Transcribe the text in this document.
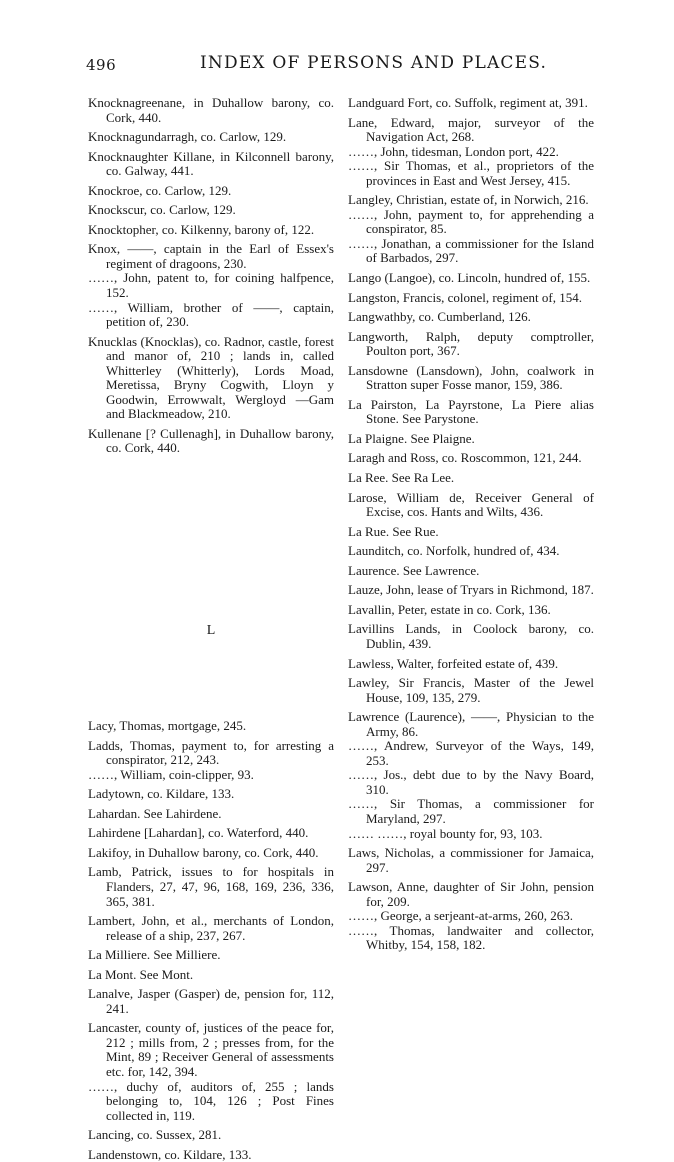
496	INDEX OF PERSONS AND PLACES.

Knocknagreenane, in Duhallow barony, co. Cork, 440.

Knocknagundarragh, co. Carlow, 129.

Knocknaughter Killane, in Kilconnell barony, co. Galway, 441.

Knockroe, co. Carlow, 129.

Knockscur, co. Carlow, 129.

Knocktopher, co. Kilkenny, barony of, 122.

Knox, ——, captain in the Earl of Essex's regiment of dragoons, 230.

……, John, patent to, for coining halfpence, 152.

……, William, brother of ——, captain, petition of, 230.

Knucklas (Knocklas), co. Radnor, castle, forest and manor of, 210 ; lands in, called Whitterley (Whitterly), Lords Moad, Meretissa, Bryny Cogwith, Lloyn y Goodwin, Errowwalt, Wergloyd —Gam and Blackmeadow, 210.

Kullenane [? Cullenagh], in Duhallow barony, co. Cork, 440.

L

Lacy, Thomas, mortgage, 245.

Ladds, Thomas, payment to, for arresting a conspirator, 212, 243.

……, William, coin-clipper, 93.

Ladytown, co. Kildare, 133.

Lahardan. See Lahirdene.

Lahirdene [Lahardan], co. Waterford, 440.

Lakifoy, in Duhallow barony, co. Cork, 440.

Lamb, Patrick, issues to for hospitals in Flanders, 27, 47, 96, 168, 169, 236, 336, 365, 381.

Lambert, John, et al., merchants of London, release of a ship, 237, 267.

La Milliere. See Milliere.

La Mont. See Mont.

Lanalve, Jasper (Gasper) de, pension for, 112, 241.

Lancaster, county of, justices of the peace for, 212 ; mills from, 2 ; presses from, for the Mint, 89 ; Receiver General of assessments etc. for, 142, 394.

……, duchy of, auditors of, 255 ; lands belonging to, 104, 126 ; Post Fines collected in, 119.

Lancing, co. Sussex, 281.

Landenstown, co. Kildare, 133.

Landguard Fort, co. Suffolk, regiment at, 391.

Lane, Edward, major, surveyor of the Navigation Act, 268.

……, John, tidesman, London port, 422.

……, Sir Thomas, et al., proprietors of the provinces in East and West Jersey, 415.

Langley, Christian, estate of, in Norwich, 216.

……, John, payment to, for apprehending a conspirator, 85.

……, Jonathan, a commissioner for the Island of Barbados, 297.

Lango (Langoe), co. Lincoln, hundred of, 155.

Langston, Francis, colonel, regiment of, 154.

Langwathby, co. Cumberland, 126.

Langworth, Ralph, deputy comptroller, Poulton port, 367.

Lansdowne (Lansdown), John, coalwork in Stratton super Fosse manor, 159, 386.

La Pairston, La Payrstone, La Piere alias Stone. See Parystone.

La Plaigne. See Plaigne.

Laragh and Ross, co. Roscommon, 121, 244.

La Ree. See Ra Lee.

Larose, William de, Receiver General of Excise, cos. Hants and Wilts, 436.

La Rue. See Rue.

Launditch, co. Norfolk, hundred of, 434.

Laurence. See Lawrence.

Lauze, John, lease of Tryars in Richmond, 187.

Lavallin, Peter, estate in co. Cork, 136.

Lavillins Lands, in Coolock barony, co. Dublin, 439.

Lawless, Walter, forfeited estate of, 439.

Lawley, Sir Francis, Master of the Jewel House, 109, 135, 279.

Lawrence (Laurence), ——, Physician to the Army, 86.

……, Andrew, Surveyor of the Ways, 149, 253.

……, Jos., debt due to by the Navy Board, 310.

……, Sir Thomas, a commissioner for Maryland, 297.

…… ……, royal bounty for, 93, 103.

Laws, Nicholas, a commissioner for Jamaica, 297.

Lawson, Anne, daughter of Sir John, pension for, 209.

……, George, a serjeant-at-arms, 260, 263.

……, Thomas, landwaiter and collector, Whitby, 154, 158, 182.
